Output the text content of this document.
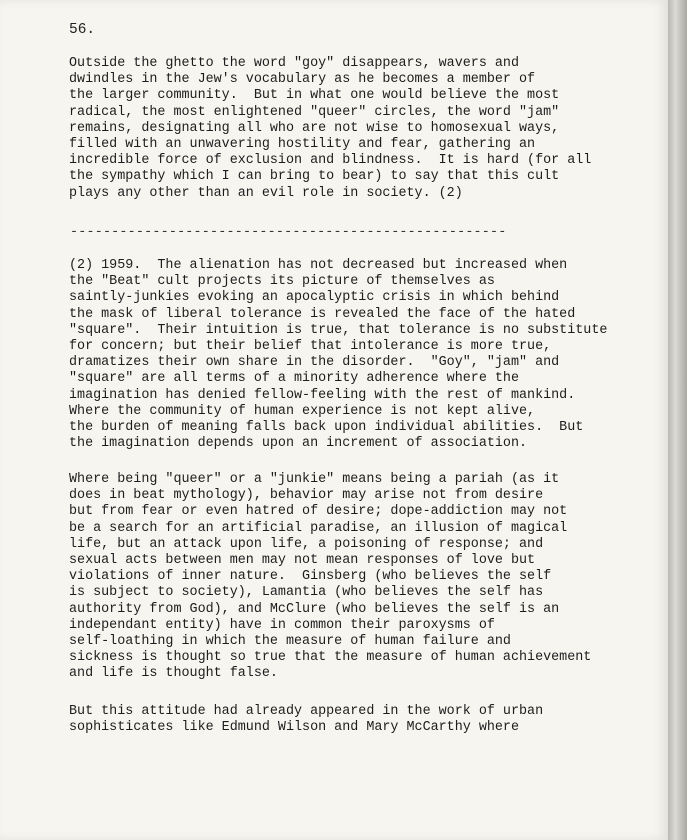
56.
Outside the ghetto the word "goy" disappears, wavers and
dwindles in the Jew's vocabulary as he becomes a member of
the larger community.  But in what one would believe the most
radical, the most enlightened "queer" circles, the word "jam"
remains, designating all who are not wise to homosexual ways,
filled with an unwavering hostility and fear, gathering an
incredible force of exclusion and blindness.  It is hard (for all
the sympathy which I can bring to bear) to say that this cult
plays any other than an evil role in society. (2)
-----------------------------------------------------
(2) 1959.  The alienation has not decreased but increased when
the "Beat" cult projects its picture of themselves as
saintly-junkies evoking an apocalyptic crisis in which behind
the mask of liberal tolerance is revealed the face of the hated
"square".  Their intuition is true, that tolerance is no substitute
for concern; but their belief that intolerance is more true,
dramatizes their own share in the disorder.  "Goy", "jam" and
"square" are all terms of a minority adherence where the
imagination has denied fellow-feeling with the rest of mankind.
Where the community of human experience is not kept alive,
the burden of meaning falls back upon individual abilities.  But
the imagination depends upon an increment of association.
Where being "queer" or a "junkie" means being a pariah (as it
does in beat mythology), behavior may arise not from desire
but from fear or even hatred of desire; dope-addiction may not
be a search for an artificial paradise, an illusion of magical
life, but an attack upon life, a poisoning of response; and
sexual acts between men may not mean responses of love but
violations of inner nature.  Ginsberg (who believes the self
is subject to society), Lamantia (who believes the self has
authority from God), and McClure (who believes the self is an
independant entity) have in common their paroxysms of
self-loathing in which the measure of human failure and
sickness is thought so true that the measure of human achievement
and life is thought false.
But this attitude had already appeared in the work of urban
sophisticates like Edmund Wilson and Mary McCarthy where
